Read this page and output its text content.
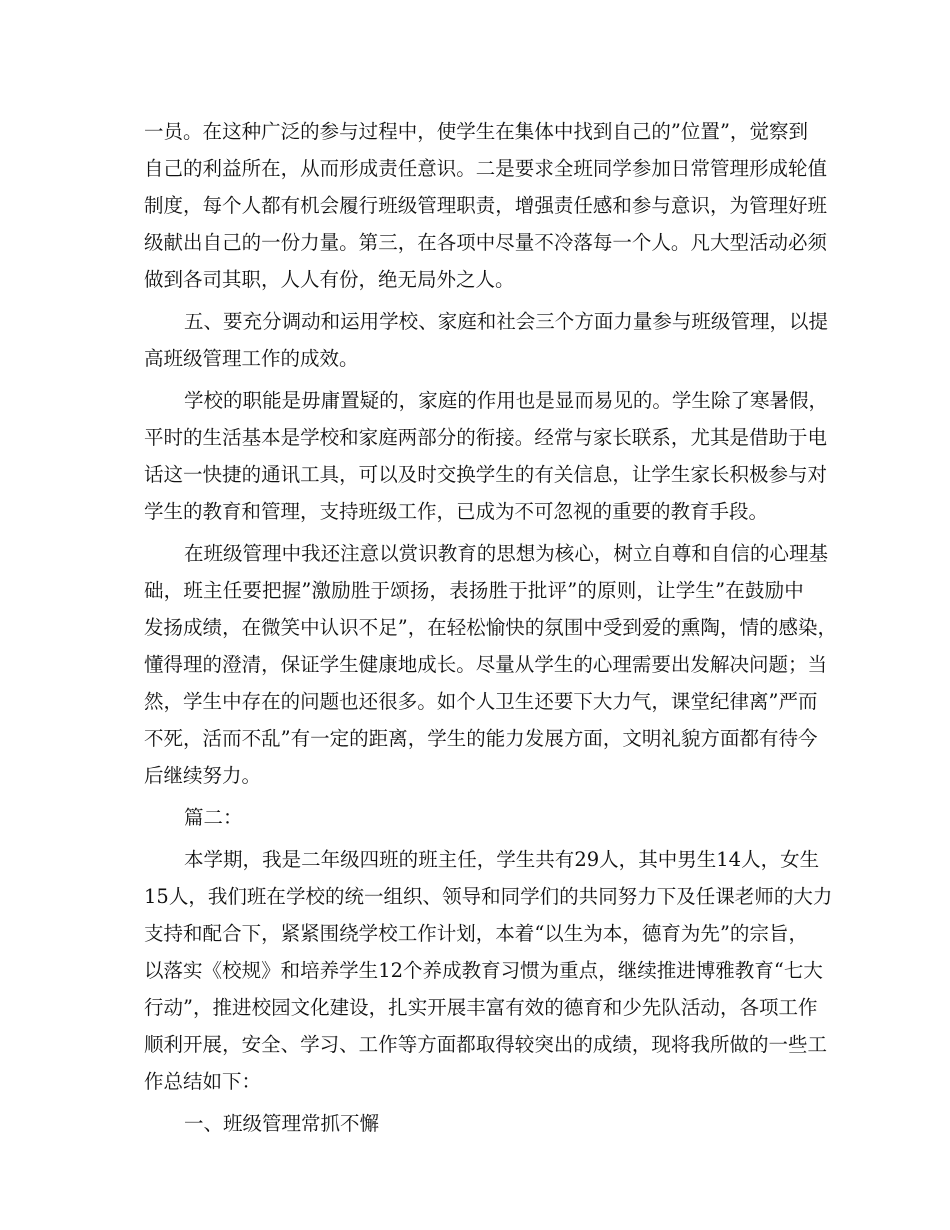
一 员 。 在 这 种 广 泛 的 参 与 过 程 中 ， 使 学 生 在 集 体 中 找 到 自 己 的 ” 位 置 ” ， 觉 察 到
自 己 的 利 益 所 在 ， 从 而 形 成 责 任 意 识 。 二 是 要 求 全 班 同 学 参 加 日 常 管 理 形 成 轮 值
制 度 ， 每 个 人 都 有 机 会 履 行 班 级 管 理 职 责 ， 增 强 责 任 感 和 参 与 意 识 ， 为 管 理 好 班
级 献 出 自 己 的 一 份 力 量 。 第 三 ， 在 各 项 中 尽 量 不 冷 落 每 一 个 人 。 凡 大 型 活 动 必 须
做到各司其职，人人有份，绝无局外之人。
五 、 要 充 分 调 动 和 运 用 学 校 、 家 庭 和 社 会 三 个 方 面 力 量 参 与 班 级 管 理 ， 以 提
高班级管理工作的成效。
学 校 的 职 能 是 毋 庸 置 疑 的 ， 家 庭 的 作 用 也 是 显 而 易 见 的 。 学 生 除 了 寒 暑 假 ，
平 时 的 生 活 基 本 是 学 校 和 家 庭 两 部 分 的 衔 接 。 经 常 与 家 长 联 系 ， 尤 其 是 借 助 于 电
话 这 一 快 捷 的 通 讯 工 具 ， 可 以 及 时 交 换 学 生 的 有 关 信 息 ， 让 学 生 家 长 积 极 参 与 对
学生的教育和管理，支持班级工作，已成为不可忽视的重要的教育手段。
在 班 级 管 理 中 我 还 注 意 以 赏 识 教 育 的 思 想 为 核 心 ， 树 立 自 尊 和 自 信 的 心 理 基
础 ， 班 主 任 要 把 握 ” 激 励 胜 于 颂 扬 ， 表 扬 胜 于 批 评 ” 的 原 则 ， 让 学 生 ” 在 鼓 励 中
发 扬 成 绩 ， 在 微 笑 中 认 识 不 足 ” ， 在 轻 松 愉 快 的 氛 围 中 受 到 爱 的 熏 陶 ， 情 的 感 染 ，
懂 得 理 的 澄 清 ， 保 证 学 生 健 康 地 成 长 。 尽 量 从 学 生 的 心 理 需 要 出 发 解 决 问 题 ； 当
然 ， 学 生 中 存 在 的 问 题 也 还 很 多 。 如 个 人 卫 生 还 要 下 大 力 气 ， 课 堂 纪 律 离 ” 严 而
不 死 ， 活 而 不 乱 ” 有 一 定 的 距 离 ， 学 生 的 能 力 发 展 方 面 ， 文 明 礼 貌 方 面 都 有 待 今
后继续努力。
篇二：
本 学 期 ， 我 是 二 年 级 四 班 的 班 主 任 ， 学 生 共 有 2 9 人 ， 其 中 男 生 1 4 人 ， 女 生
1 5 人 ， 我 们 班 在 学 校 的 统 一 组 织 、 领 导 和 同 学 们 的 共 同 努 力 下 及 任 课 老 师 的 大 力
支 持 和 配 合 下 ， 紧 紧 围 绕 学 校 工 作 计 划 ， 本 着 “ 以 生 为 本 ， 德 育 为 先 ” 的 宗 旨 ，
以 落 实 《 校 规 》 和 培 养 学 生 1 2 个 养 成 教 育 习 惯 为 重 点 ， 继 续 推 进 博 雅 教 育 “ 七 大
行 动 ” ， 推 进 校 园 文 化 建 设 ， 扎 实 开 展 丰 富 有 效 的 德 育 和 少 先 队 活 动 ， 各 项 工 作
顺 利 开 展 ， 安 全 、 学 习 、 工 作 等 方 面 都 取 得 较 突 出 的 成 绩 ， 现 将 我 所 做 的 一 些 工
作总结如下：
一、班级管理常抓不懈
